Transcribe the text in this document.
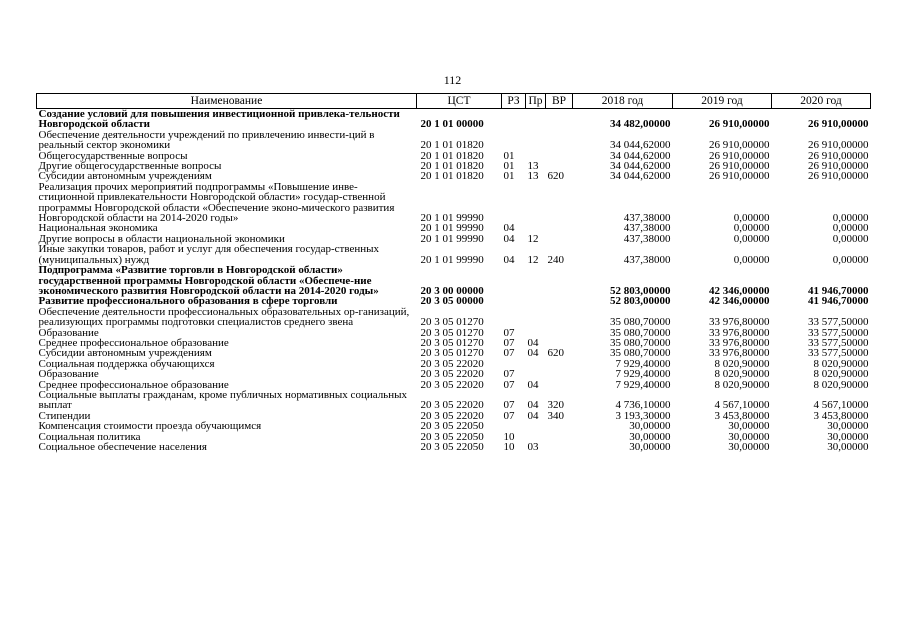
112
Наименование	ЦСТ	РЗ	Пр	ВР	2018 год	2019 год	2020 год
Создание условий для повышения инвестиционной привлека-тельности Новгородской области	20 1 01 00000				34 482,00000	26 910,00000	26 910,00000
Обеспечение деятельности учреждений по привлечению инвести-ций в реальный сектор экономики	20 1 01 01820				34 044,62000	26 910,00000	26 910,00000
Общегосударственные вопросы	20 1 01 01820	01			34 044,62000	26 910,00000	26 910,00000
Другие общегосударственные вопросы	20 1 01 01820	01	13		34 044,62000	26 910,00000	26 910,00000
Субсидии автономным учреждениям	20 1 01 01820	01	13	620	34 044,62000	26 910,00000	26 910,00000
Реализация прочих мероприятий подпрограммы «Повышение инве-стиционной привлекательности Новгородской области» государ-ственной программы Новгородской области «Обеспечение эконо-мического развития Новгородской области на 2014-2020 годы»	20 1 01 99990				437,38000	0,00000	0,00000
Национальная экономика	20 1 01 99990	04			437,38000	0,00000	0,00000
Другие вопросы в области национальной экономики	20 1 01 99990	04	12		437,38000	0,00000	0,00000
Иные закупки товаров, работ и услуг для обеспечения государ-ственных (муниципальных) нужд	20 1 01 99990	04	12	240	437,38000	0,00000	0,00000
Подпрограмма «Развитие торговли в Новгородской области» государственной программы Новгородской области «Обеспече-ние экономического развития Новгородской области на 2014-2020 годы»	20 3 00 00000				52 803,00000	42 346,00000	41 946,70000
Развитие профессионального образования в сфере торговли	20 3 05 00000				52 803,00000	42 346,00000	41 946,70000
Обеспечение деятельности профессиональных образовательных ор-ганизаций, реализующих программы подготовки специалистов среднего звена	20 3 05 01270				35 080,70000	33 976,80000	33 577,50000
Образование	20 3 05 01270	07			35 080,70000	33 976,80000	33 577,50000
Среднее профессиональное образование	20 3 05 01270	07	04		35 080,70000	33 976,80000	33 577,50000
Субсидии автономным учреждениям	20 3 05 01270	07	04	620	35 080,70000	33 976,80000	33 577,50000
Социальная поддержка обучающихся	20 3 05 22020				7 929,40000	8 020,90000	8 020,90000
Образование	20 3 05 22020	07			7 929,40000	8 020,90000	8 020,90000
Среднее профессиональное образование	20 3 05 22020	07	04		7 929,40000	8 020,90000	8 020,90000
Социальные выплаты гражданам, кроме публичных нормативных социальных выплат	20 3 05 22020	07	04	320	4 736,10000	4 567,10000	4 567,10000
Стипендии	20 3 05 22020	07	04	340	3 193,30000	3 453,80000	3 453,80000
Компенсация стоимости проезда обучающимся	20 3 05 22050				30,00000	30,00000	30,00000
Социальная политика	20 3 05 22050	10			30,00000	30,00000	30,00000
Социальное обеспечение населения	20 3 05 22050	10	03		30,00000	30,00000	30,00000
